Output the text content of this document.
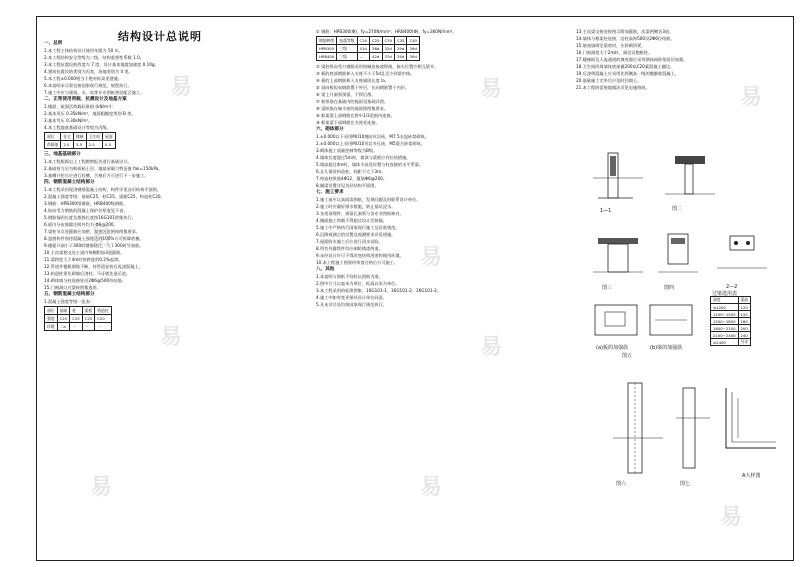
结构设计总说明
一、总则
1.本工程主体结构设计使用年限为 50 年。
2.本工程结构安全等级为二级，结构重要性系数 1.0。
3.本工程抗震设防烈度为 7 度，设计基本地震加速度 0.10g。
4.建筑抗震设防类别为丙类，场地类别为 II 类。
5.本工程±0.000相当于绝对标高见建施。
6.本说明未尽事宜按国家现行规范、规程执行。
7.施工中应与建筑、水、电等专业图纸密切配合施工。
二、正常使用荷载、抗震设计及地基方案
1.楼面、屋面活荷载标准值 (kN/m²)：
2.基本风压 0.35kN/m²，地面粗糙度类别 B 类。
3.基本雪压 0.30kN/m²。
4.本工程地基基础设计等级为丙级。
部位	住宅	楼梯	卫生间	屋面
荷载值	2.0	3.5	2.5	0.5
三、地基基础部分
1.本工程根据岩土工程勘察报告进行基础设计。
2.基础持力层为粉质粘土层，地基承载力特征值 fak=150kPa。
3.基槽开挖后应进行验槽，合格后方可进行下一步施工。
四、钢筋混凝土结构部分
1.本工程采用现浇钢筋混凝土结构，构件详见各层结构平面图。
2.混凝土强度等级：基础C25，柱C25，梁板C25，构造柱C20。
3.钢筋：HPB300级钢筋，HRB400级钢筋。
4.纵向受力钢筋的混凝土保护层厚度见下表。
5.钢筋锚固长度及搭接长度按16G101图集执行。
6.板内分布筋除注明外均为 Φ6@200。
7.梁柱节点处箍筋应加密，加密区范围按图集要求。
8.悬挑构件须待混凝土强度达到100%方可拆除底模。
9.楼板开洞小于300时钢筋绕过，大于300时另加筋。
10.主次梁相交处主梁内每侧附加3道箍筋。
11.梁跨度大于4m时按跨度的0.2%起拱。
12.管道井楼板钢筋不断，待管道安装后再浇混凝土。
13.构造柱须先砌墙后浇柱，马牙槎先退后进。
14.砌体墙与柱连接处设2Φ6@500拉结筋。
15.门窗洞口过梁按图集选用。
五、钢筋混凝土结构部分
1.混凝土强度等级一览表：
部位	基础	柱	梁板	构造柱
强度	C25	C25	C25	C20
环境	二a	一	一	一
① 钢筋：HPB300(Φ)，fy=270N/mm²；HRB400(Φ)，fy=360N/mm²。
钢筋种类	抗震等级	C20	C25	C30	C35	C40
HPB300	三级	41d	36d	32d	29d	26d
HRB400	三级	—	42d	37d	34d	30d
② 梁柱纵向受力钢筋采用机械连接或焊接，接头位置应相互错开。
③ 板的底部钢筋伸入支座不小于5d且至少到梁中线。
④ 板的上部钢筋伸入支座锚固长度 la。
⑤ 双向板短向钢筋置于外层，长向钢筋置于内层。
⑥ 梁上开洞须预留，不得后凿。
⑦ 柱纵筋在基础内的锚固见基础详图。
⑧ 梁纵筋在端支座的锚固按图集要求。
⑨ 框架梁上部钢筋在跨中1/3范围内连接。
⑩ 框架梁下部钢筋在支座处连接。
六、砌体部分
1.±0.000以下采用MU10烧结页岩砖，M7.5水泥砂浆砌筑。
2.±0.000以上采用MU10页岩多孔砖，M5混合砂浆砌筑。
3.砌体施工质量控制等级为B级。
4.墙体长度超过5m时，墙顶与梁板应有拉结措施。
5.墙高超过4m时，墙体半高处设置与柱连接的水平系梁。
6.女儿墙设构造柱，间距不大于3m。
7.构造柱纵筋4Φ12，箍筋Φ6@200。
8.圈梁设置详见各层结构平面图。
七、施工要求
1.施工前应认真阅读图纸，发现问题及时联系设计单位。
2.施工时应做好排水措施，防止基坑浸水。
3.各类预埋件、预留孔洞须与各专业图纸核对。
4.楼面施工荷载不得超过设计活荷载。
5.施工中严格执行国家现行施工及验收规范。
6.沉降观测点的设置及观测要求详见建施。
7.屋面防水施工后应进行闭水试验。
8.所有外露铁件均应刷防锈漆两道。
9.未经设计许可不得改变结构用途和使用环境。
10.本工程施工图须经审查合格后方可施工。
八、其他
1.本说明与图纸不符时以图纸为准。
2.图中尺寸以毫米为单位，标高以米为单位。
3.本工程采用的标准图集：16G101-1、16G101-2、16G101-3。
4.施工中如有变更须经设计单位同意。
5.凡未详尽处均按国家现行规范执行。
13.主次梁交接处按图示附加箍筋，次梁两侧各3道。
14.墙体与框架柱连接，沿柱高每500设2Φ6拉结筋。
15.填充墙砌至梁底时，应斜砌顶紧。
16.门窗洞宽大于2m时，洞边设抱框柱。
17.楼梯间及人流通道的填充墙应采用钢丝网砂浆面层加强。
18.卫生间四周墙体底部做200高C20素混凝土翻边。
19.后浇带混凝土应采用比两侧高一级的微膨胀混凝土。
20.基础施工完毕后应及时回填土。
21.本工程防雷接地做法详见电施图纸。
洞宽	梁高
≤1200	120
1200~1500	150
1500~1800	180
1800~2100	200
2100~2400	240
≥2400	另详
1—1	图二
图三	图四	2—2
(a)板的加强筋	(b)梁的加强筋
图五
图六	图七
A大样图
过梁选用表
易	易	易
易
易
易	易
易	易
易
